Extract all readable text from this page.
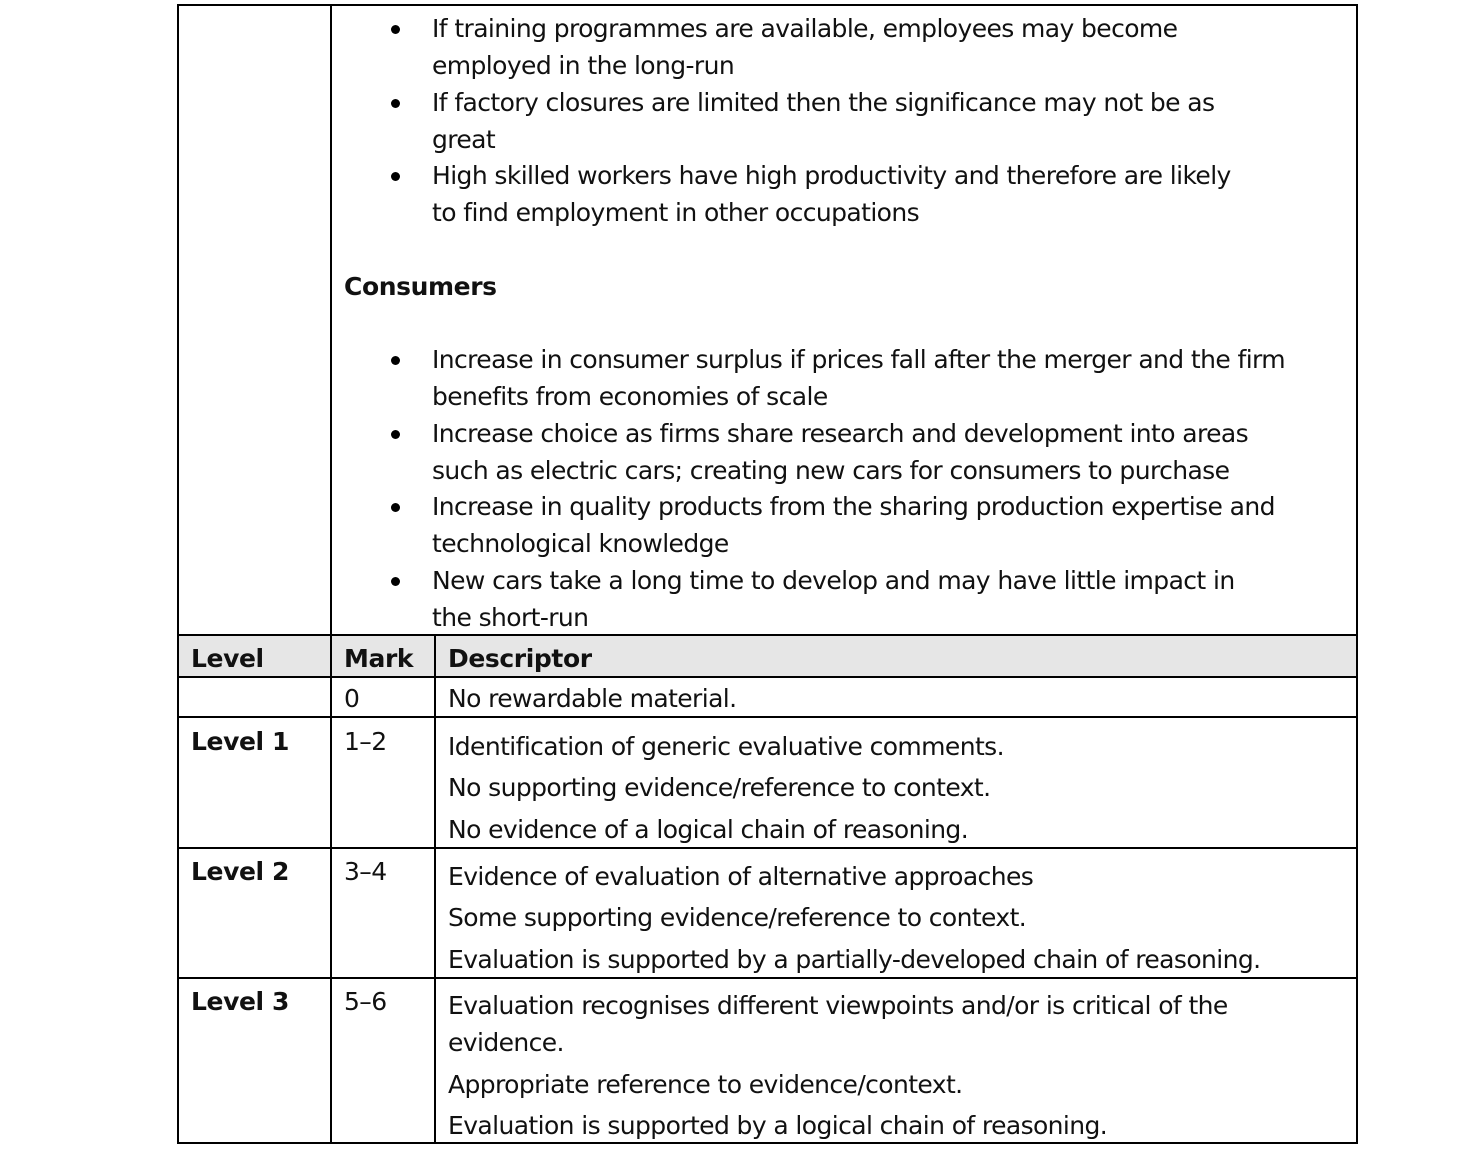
If training programmes are available, employees may become
employed in the long-run
If factory closures are limited then the significance may not be as
great
High skilled workers have high productivity and therefore are likely
to find employment in other occupations
Consumers
Increase in consumer surplus if prices fall after the merger and the firm
benefits from economies of scale
Increase choice as firms share research and development into areas
such as electric cars; creating new cars for consumers to purchase
Increase in quality products from the sharing production expertise and
technological knowledge
New cars take a long time to develop and may have little impact in
the short-run
Level	Mark Descriptor
0	No rewardable material.
Level 1 1–2 Identification of generic evaluative comments.
No supporting evidence/reference to context.
No evidence of a logical chain of reasoning.
Level 2 3–4 Evidence of evaluation of alternative approaches
Some supporting evidence/reference to context.
Evaluation is supported by a partially-developed chain of reasoning.
Level 3 5–6 Evaluation recognises different viewpoints and/or is critical of the
evidence.
Appropriate reference to evidence/context.
Evaluation is supported by a logical chain of reasoning.
